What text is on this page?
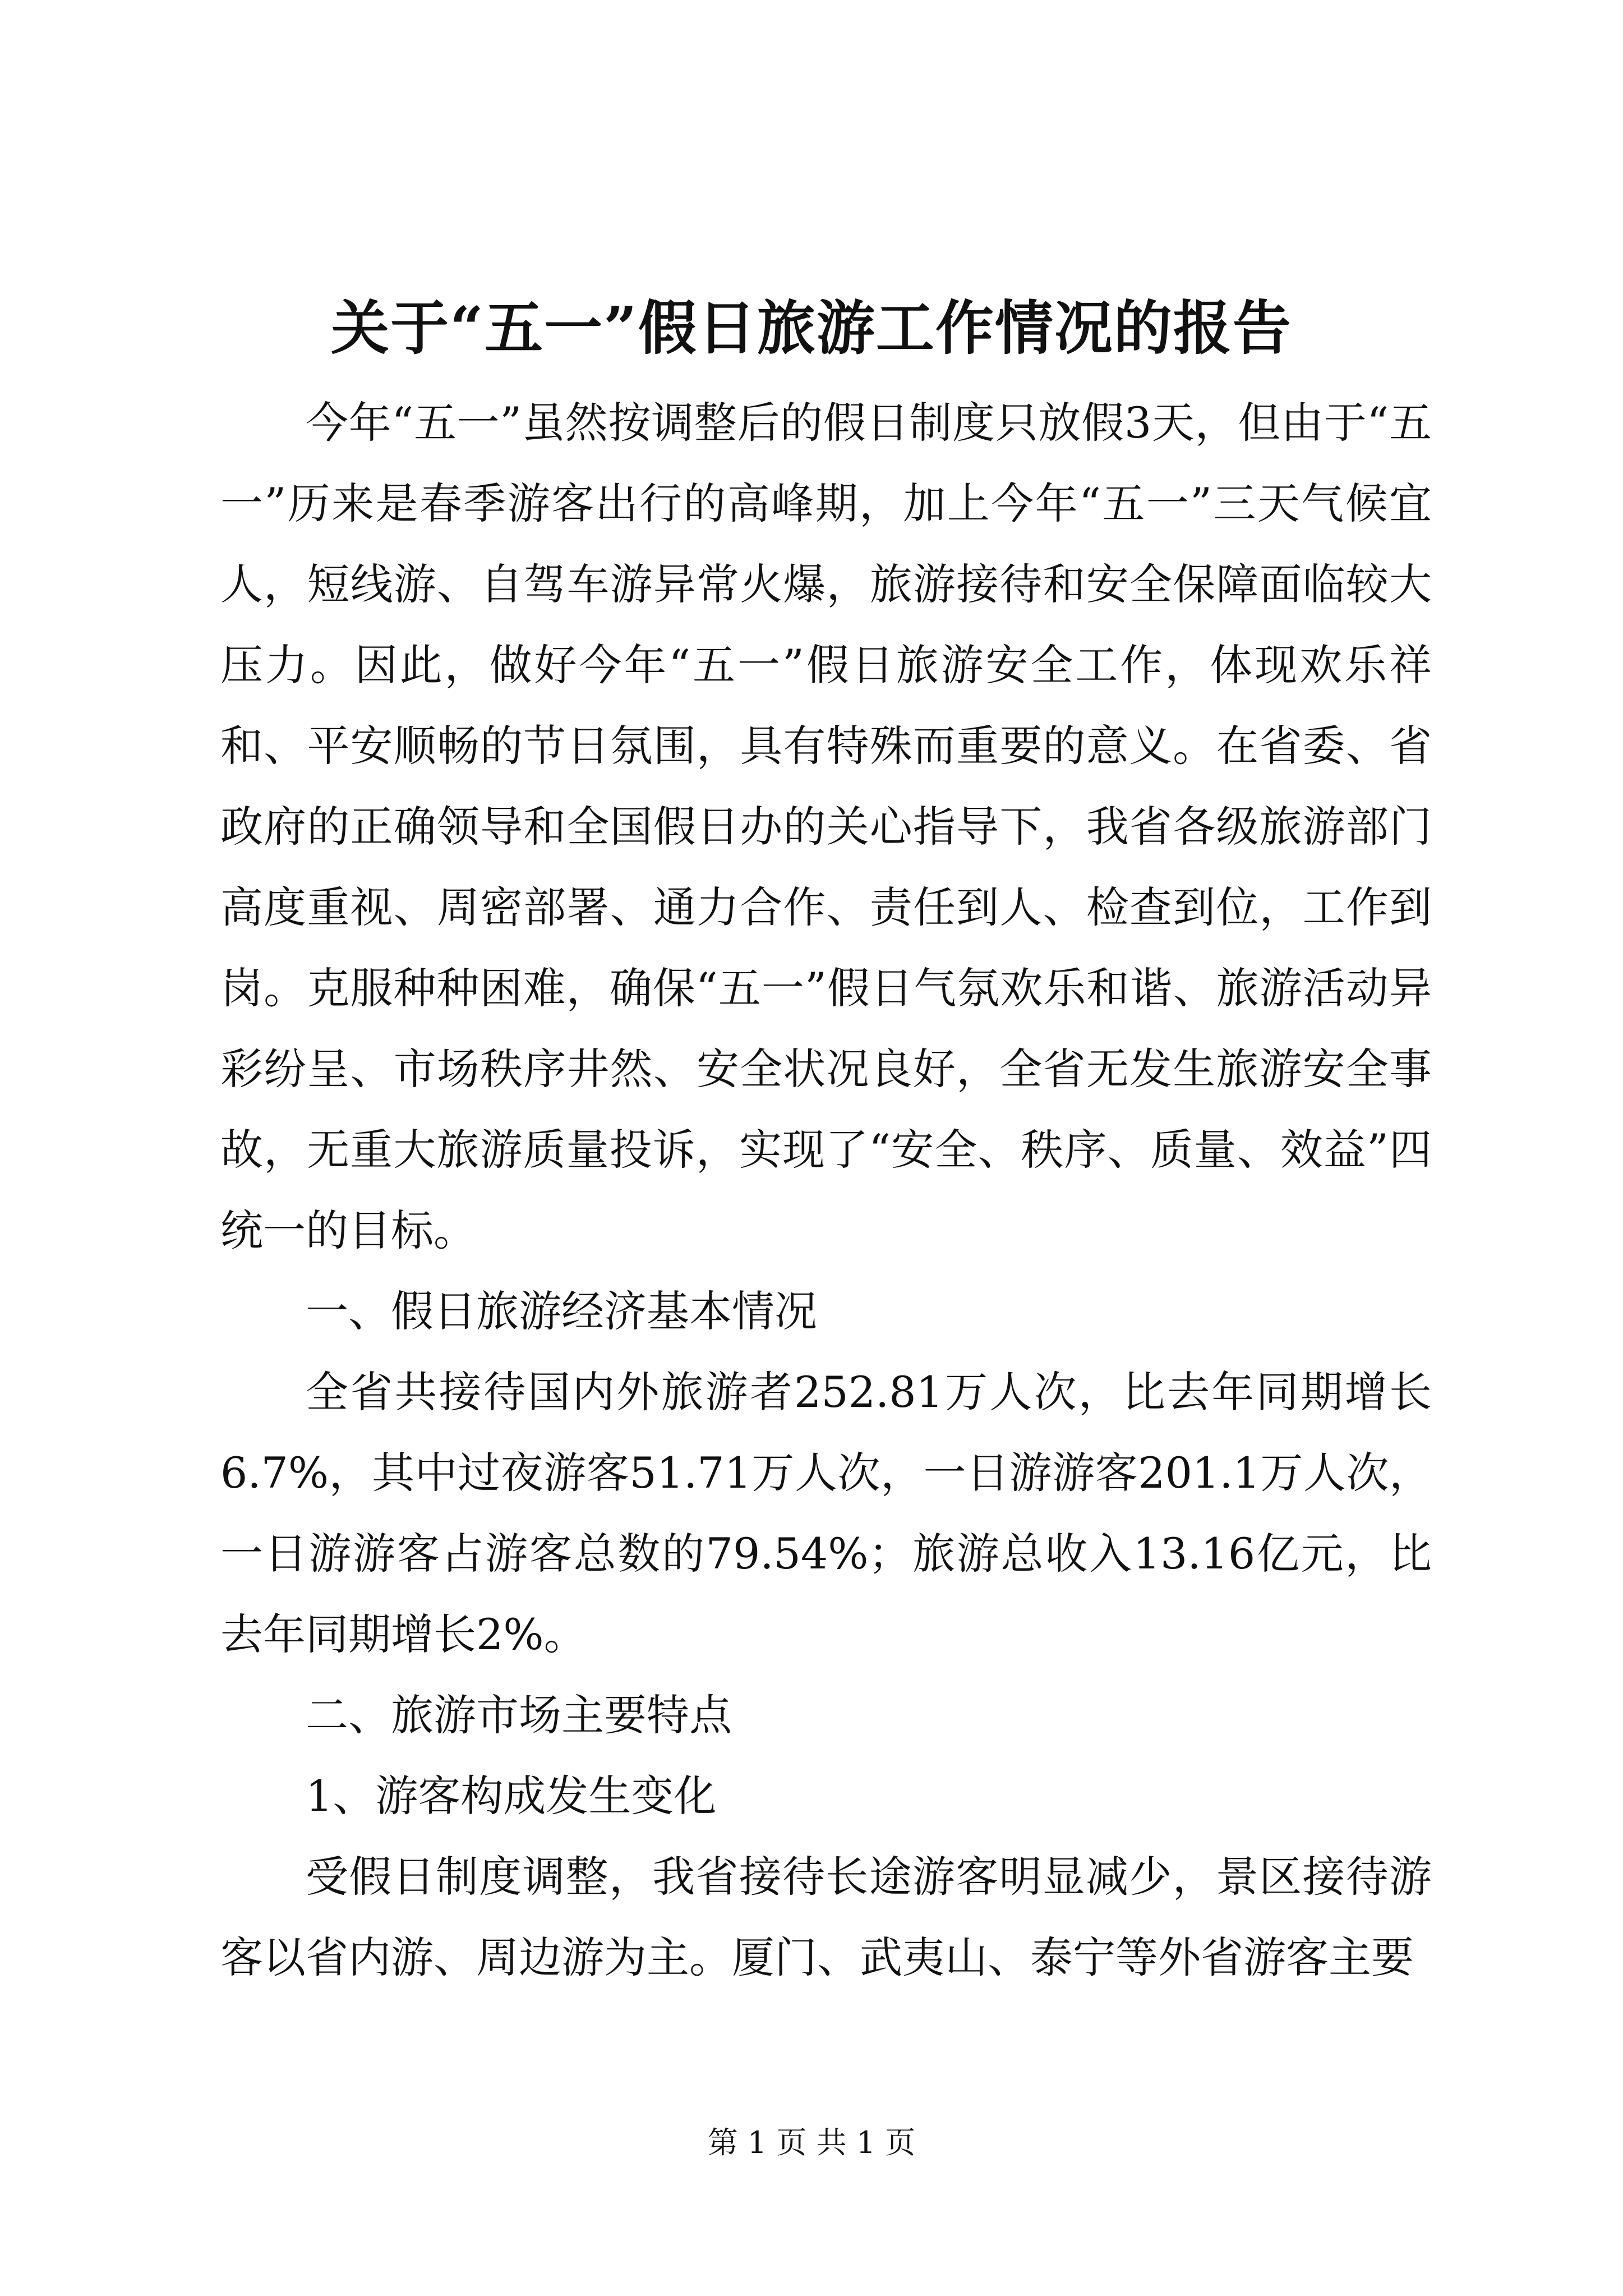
关于“五一”假日旅游工作情况的报告

今年“五一”虽然按调整后的假日制度只放假3天，但由于“五一”历来是春季游客出行的高峰期，加上今年“五一”三天气候宜人，短线游、自驾车游异常火爆，旅游接待和安全保障面临较大压力。因此，做好今年“五一”假日旅游安全工作，体现欢乐祥和、平安顺畅的节日氛围，具有特殊而重要的意义。在省委、省政府的正确领导和全国假日办的关心指导下，我省各级旅游部门高度重视、周密部署、通力合作、责任到人、检查到位，工作到岗。克服种种困难，确保“五一”假日气氛欢乐和谐、旅游活动异彩纷呈、市场秩序井然、安全状况良好，全省无发生旅游安全事故，无重大旅游质量投诉，实现了“安全、秩序、质量、效益”四统一的目标。

一、假日旅游经济基本情况

全省共接待国内外旅游者252.81万人次，比去年同期增长6.7%，其中过夜游客51.71万人次，一日游游客201.1万人次，一日游游客占游客总数的79.54%；旅游总收入13.16亿元，比去年同期增长2%。

二、旅游市场主要特点

1、游客构成发生变化

受假日制度调整，我省接待长途游客明显减少，景区接待游客以省内游、周边游为主。厦门、武夷山、泰宁等外省游客主要

第 1 页 共 1 页
